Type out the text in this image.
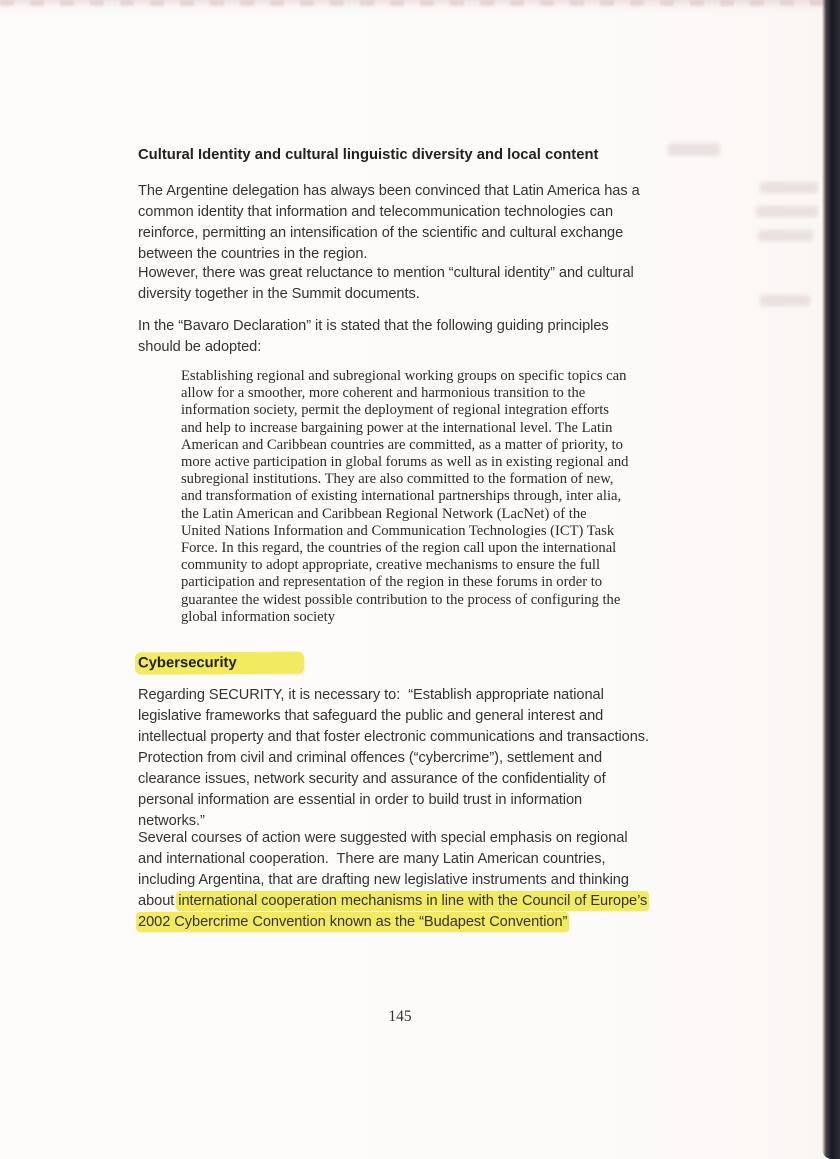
Cultural Identity and cultural linguistic diversity and local content
The Argentine delegation has always been convinced that Latin America has a
common identity that information and telecommunication technologies can
reinforce, permitting an intensification of the scientific and cultural exchange
between the countries in the region.
However, there was great reluctance to mention “cultural identity” and cultural
diversity together in the Summit documents.
In the “Bavaro Declaration” it is stated that the following guiding principles
should be adopted:
Establishing regional and subregional working groups on specific topics can
allow for a smoother, more coherent and harmonious transition to the
information society, permit the deployment of regional integration efforts
and help to increase bargaining power at the international level. The Latin
American and Caribbean countries are committed, as a matter of priority, to
more active participation in global forums as well as in existing regional and
subregional institutions. They are also committed to the formation of new,
and transformation of existing international partnerships through, inter alia,
the Latin American and Caribbean Regional Network (LacNet) of the
United Nations Information and Communication Technologies (ICT) Task
Force. In this regard, the countries of the region call upon the international
community to adopt appropriate, creative mechanisms to ensure the full
participation and representation of the region in these forums in order to
guarantee the widest possible contribution to the process of configuring the
global information society
Cybersecurity
Regarding SECURITY, it is necessary to:  “Establish appropriate national
legislative frameworks that safeguard the public and general interest and
intellectual property and that foster electronic communications and transactions.
Protection from civil and criminal offences (“cybercrime”), settlement and
clearance issues, network security and assurance of the confidentiality of
personal information are essential in order to build trust in information
networks.”
Several courses of action were suggested with special emphasis on regional
and international cooperation.  There are many Latin American countries,
including Argentina, that are drafting new legislative instruments and thinking
about international cooperation mechanisms in line with the Council of Europe’s
2002 Cybercrime Convention known as the “Budapest Convention”
145
